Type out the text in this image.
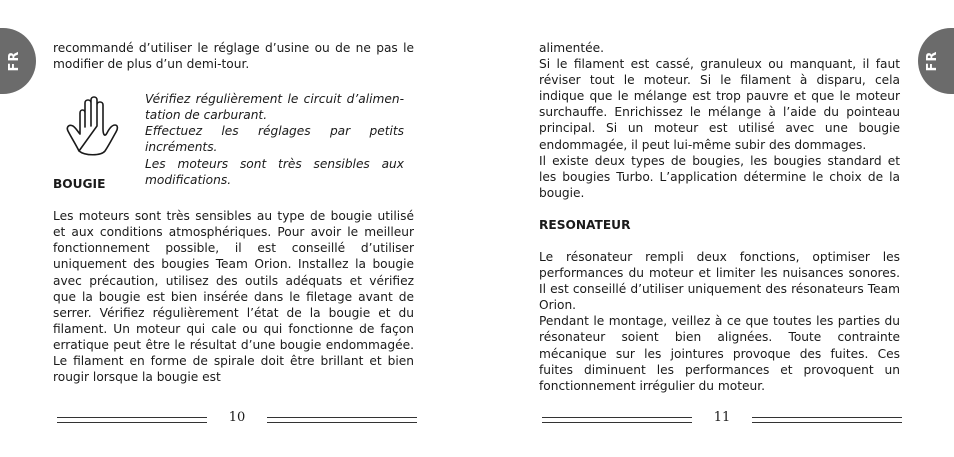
FR	FR

recommandé d’utiliser le réglage d’usine ou de ne pas le modifier de plus d’un demi-tour.

Vérifiez régulièrement le circuit d’alimen-tation de carburant.

Effectuez les réglages par petits incréments.

Les moteurs sont très sensibles aux modifications.

BOUGIE

Les moteurs sont très sensibles au type de bougie utilisé et aux conditions atmosphériques. Pour avoir le meilleur fonctionnement possible, il est conseillé d’utiliser uniquement des bougies Team Orion. Installez la bougie avec précaution, utilisez des outils adéquats et vérifiez que la bougie est bien insérée dans le filetage avant de serrer. Vérifiez régulièrement l’état de la bougie et du filament. Un moteur qui cale ou qui fonctionne de façon erratique peut être le résultat d’une bougie endommagée. Le filament en forme de spirale doit être brillant et bien rougir lorsque la bougie est

alimentée.

Si le filament est cassé, granuleux ou manquant, il faut réviser tout le moteur. Si le filament à disparu, cela indique que le mélange est trop pauvre et que le moteur surchauffe. Enrichissez le mélange à l’aide du pointeau principal. Si un moteur est utilisé avec une bougie endommagée, il peut lui-même subir des dommages.

Il existe deux types de bougies, les bougies standard et les bougies Turbo. L’application détermine le choix de la bougie.

RESONATEUR

Le résonateur rempli deux fonctions, optimiser les performances du moteur et limiter les nuisances sonores. Il est conseillé d’utiliser uniquement des résonateurs Team Orion.

Pendant le montage, veillez à ce que toutes les parties du résonateur soient bien alignées. Toute contrainte mécanique sur les jointures provoque des fuites. Ces fuites diminuent les performances et provoquent un fonctionnement irrégulier du moteur.

10	11
